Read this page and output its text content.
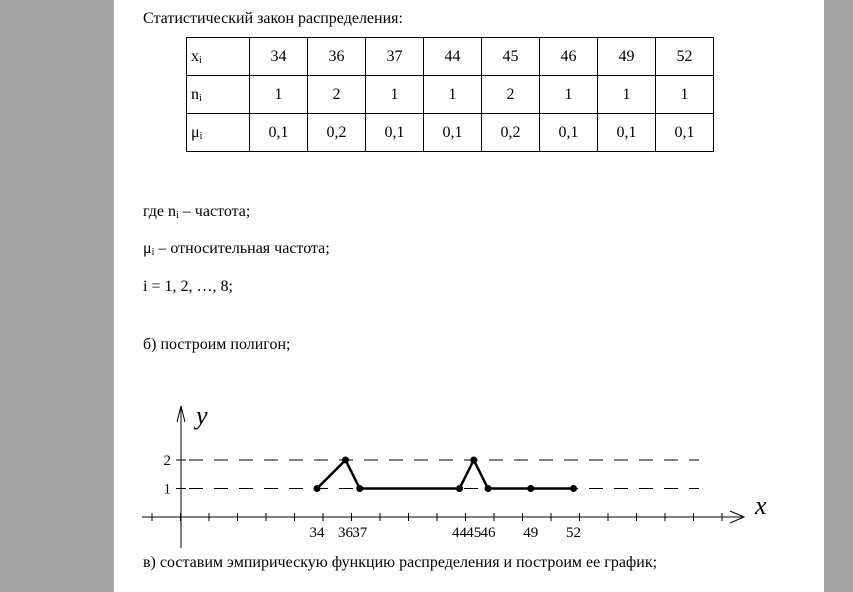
Статистический закон распределения:
$x_i$	34	36	37	44	45	46	49	52
$n_i$	1	2	1	1	2	1	1	1
$\mu_i$	0,1	0,2	0,1	0,1	0,2	0,1	0,1	0,1
где $n_i$ – частота;
$\mu_i$ – относительная частота;
i = 1, 2, …, 8;
б) построим полигон;
1
2
34 36 37	44 45 46 49 52
x
y
в) составим эмпирическую функцию распределения и построим ее график;
